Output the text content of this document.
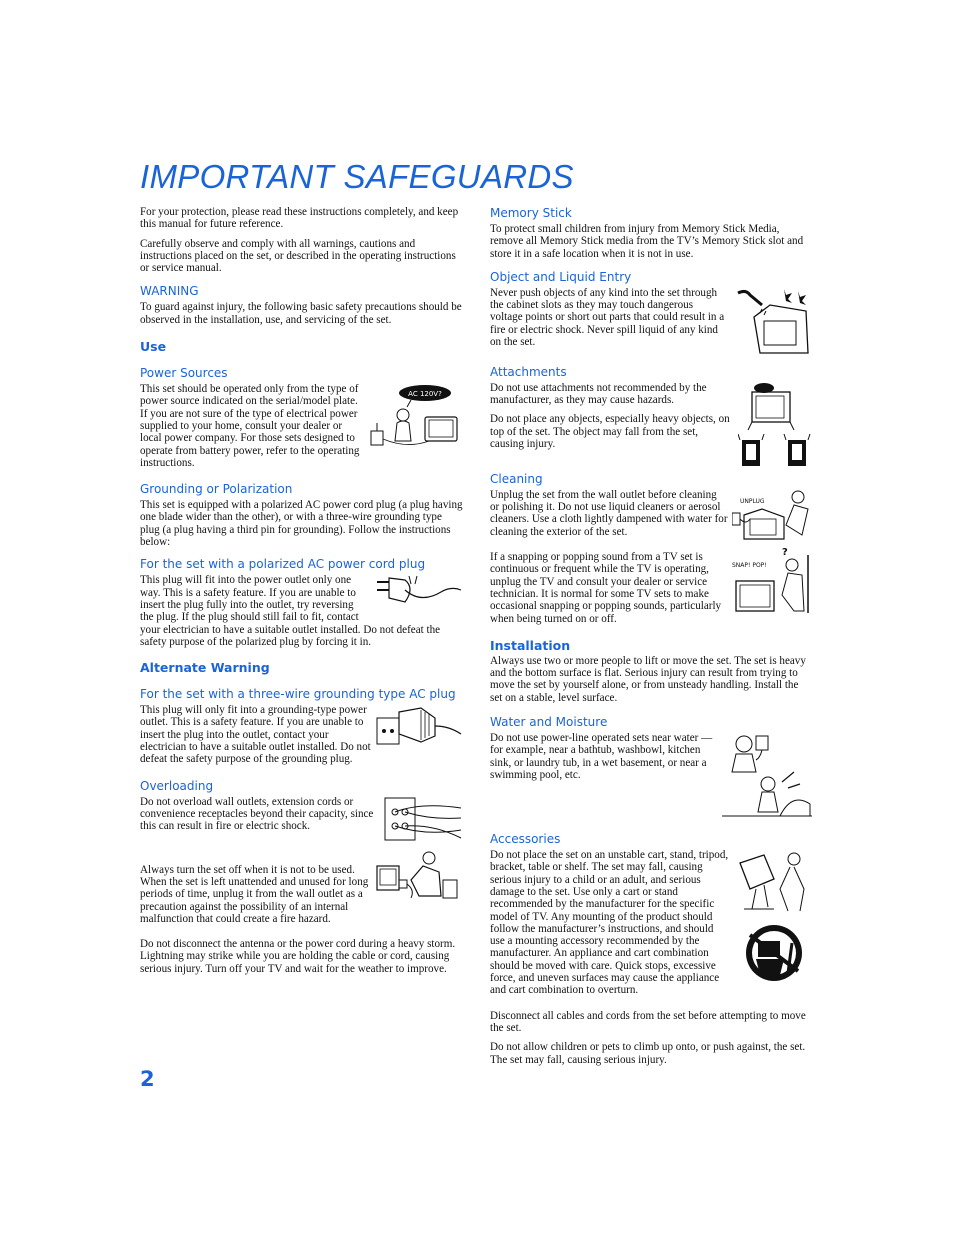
IMPORTANT SAFEGUARDS

For your protection, please read these instructions completely, and keep this manual for future reference.

Carefully observe and comply with all warnings, cautions and instructions placed on the set, or described in the operating instructions or service manual.

WARNING

To guard against injury, the following basic safety precautions should be observed in the installation, use, and servicing of the set.

Use
Power Sources
AC 120V?

This set should be operated only from the type of power source indicated on the serial/model plate. If you are not sure of the type of electrical power supplied to your home, consult your dealer or local power company. For those sets designed to operate from battery power, refer to the operating instructions.

Grounding or Polarization

This set is equipped with a polarized AC power cord plug (a plug having one blade wider than the other), or with a three-wire grounding type plug (a plug having a third pin for grounding). Follow the instructions below:

For the set with a polarized AC power cord plug

This plug will fit into the power outlet only one way. This is a safety feature. If you are unable to insert the plug fully into the outlet, try reversing the plug. If the plug should still fail to fit, contact your electrician to have a suitable outlet installed. Do not defeat the safety purpose of the polarized plug by forcing it in.

Alternate Warning
For the set with a three-wire grounding type AC plug

This plug will only fit into a grounding-type power outlet. This is a safety feature. If you are unable to insert the plug into the outlet, contact your electrician to have a suitable outlet installed. Do not defeat the safety purpose of the grounding plug.

Overloading

Do not overload wall outlets, extension cords or convenience receptacles beyond their capacity, since this can result in fire or electric shock.

Always turn the set off when it is not to be used. When the set is left unattended and unused for long periods of time, unplug it from the wall outlet as a precaution against the possibility of an internal malfunction that could create a fire hazard.

Do not disconnect the antenna or the power cord during a heavy storm. Lightning may strike while you are holding the cable or cord, causing serious injury. Turn off your TV and wait for the weather to improve.

Memory Stick

To protect small children from injury from Memory Stick Media, remove all Memory Stick media from the TV’s Memory Stick slot and store it in a safe location when it is not in use.

Object and Liquid Entry

Never push objects of any kind into the set through the cabinet slots as they may touch dangerous voltage points or short out parts that could result in a fire or electric shock. Never spill liquid of any kind on the set.

Attachments

Do not use attachments not recommended by the manufacturer, as they may cause hazards.

Do not place any objects, especially heavy objects, on top of the set. The object may fall from the set, causing injury.

Cleaning
UNPLUG

Unplug the set from the wall outlet before cleaning or polishing it. Do not use liquid cleaners or aerosol cleaners. Use a cloth lightly dampened with water for cleaning the exterior of the set.

SNAP! POP!
?

If a snapping or popping sound from a TV set is continuous or frequent while the TV is operating, unplug the TV and consult your dealer or service technician. It is normal for some TV sets to make occasional snapping or popping sounds, particularly when being turned on or off.

Installation

Always use two or more people to lift or move the set. The set is heavy and the bottom surface is flat. Serious injury can result from trying to move the set by yourself alone, or from unsteady handling. Install the set on a stable, level surface.

Water and Moisture

Do not use power-line operated sets near water — for example, near a bathtub, washbowl, kitchen sink, or laundry tub, in a wet basement, or near a swimming pool, etc.

Accessories

Do not place the set on an unstable cart, stand, tripod, bracket, table or shelf. The set may fall, causing serious injury to a child or an adult, and serious damage to the set. Use only a cart or stand recommended by the manufacturer for the specific model of TV. Any mounting of the product should follow the manufacturer’s instructions, and should use a mounting accessory recommended by the manufacturer. An appliance and cart combination should be moved with care. Quick stops, excessive force, and uneven surfaces may cause the appliance and cart combination to overturn.

Disconnect all cables and cords from the set before attempting to move the set.

Do not allow children or pets to climb up onto, or push against, the set. The set may fall, causing serious injury.

2
